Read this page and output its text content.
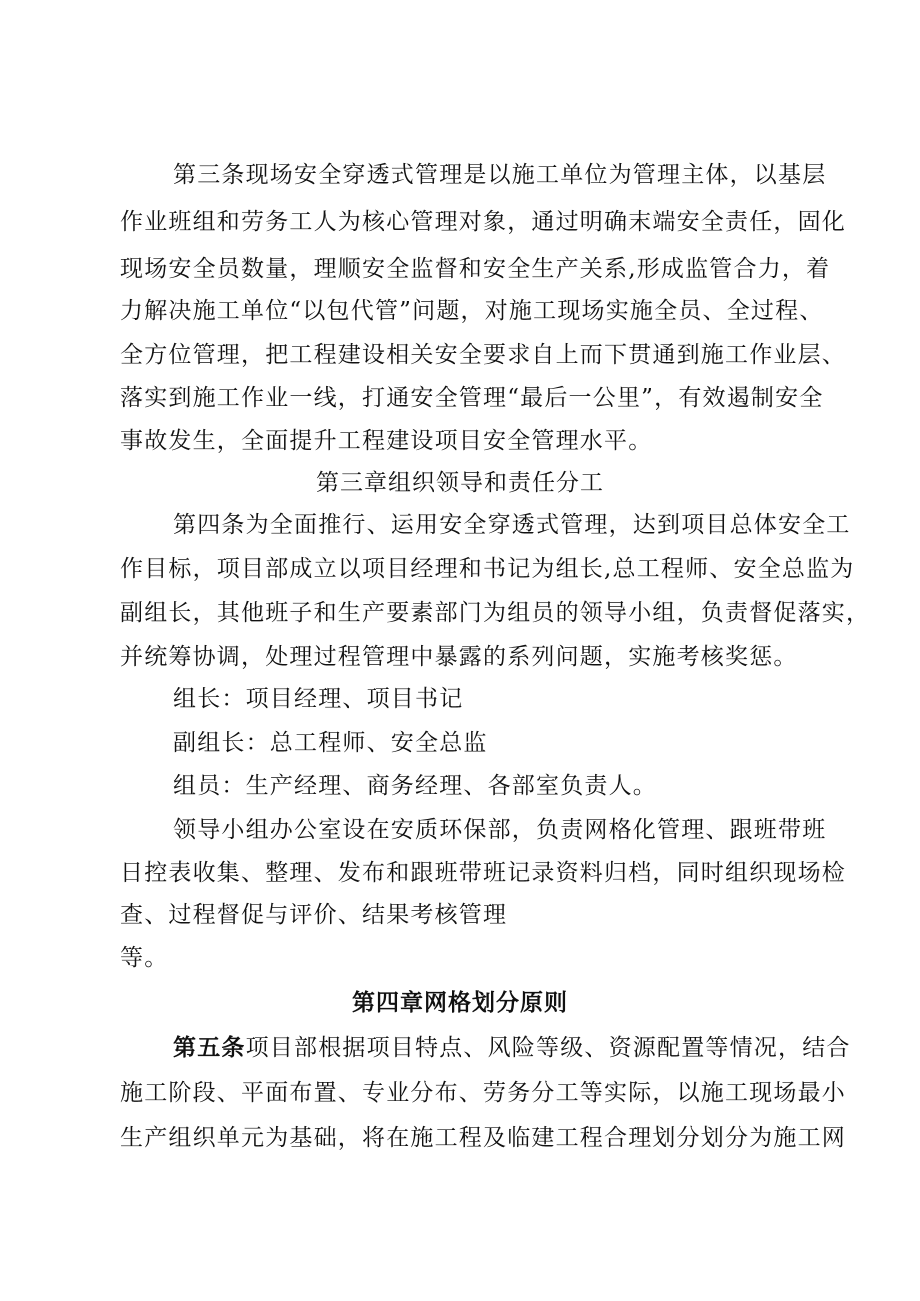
第三条现场安全穿透式管理是以施工单位为管理主体，以基层
作业班组和劳务工人为核心管理对象，通过明确末端安全责任，固化
现场安全员数量，理顺安全监督和安全生产关系,形成监管合力，着
力解决施工单位“以包代管”问题，对施工现场实施全员、全过程、
全方位管理，把工程建设相关安全要求自上而下贯通到施工作业层、
落实到施工作业一线，打通安全管理“最后一公里”，有效遏制安全
事故发生，全面提升工程建设项目安全管理水平。
第三章组织领导和责任分工
第四条为全面推行、运用安全穿透式管理，达到项目总体安全工
作目标，项目部成立以项目经理和书记为组长,总工程师、安全总监为
副组长，其他班子和生产要素部门为组员的领导小组，负责督促落实，
并统筹协调，处理过程管理中暴露的系列问题，实施考核奖惩。
组长：项目经理、项目书记
副组长：总工程师、安全总监
组员：生产经理、商务经理、各部室负责人。
领导小组办公室设在安质环保部，负责网格化管理、跟班带班
日控表收集、整理、发布和跟班带班记录资料归档，同时组织现场检
查、过程督促与评价、结果考核管理
等。
第四章网格划分原则
第五条项目部根据项目特点、风险等级、资源配置等情况，结合
施工阶段、平面布置、专业分布、劳务分工等实际，以施工现场最小
生产组织单元为基础，将在施工程及临建工程合理划分划分为施工网
